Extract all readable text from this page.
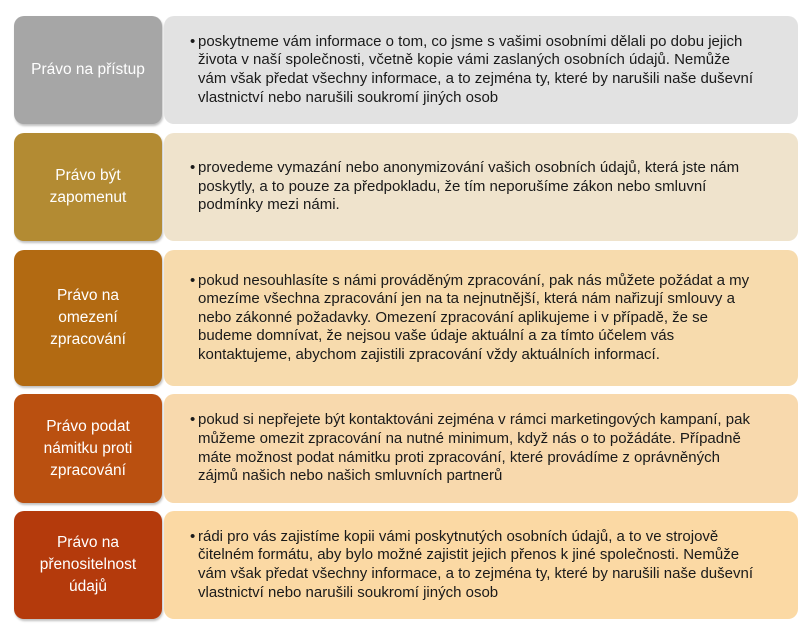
Právo na přístup
• poskytneme vám informace o tom, co jsme s vašimi osobními dělali po dobu jejich života v naší společnosti, včetně kopie vámi zaslaných osobních údajů. Nemůže vám však předat všechny informace, a to zejména ty, které by narušili naše duševní vlastnictví nebo narušili soukromí jiných osob
Právo být zapomenut
• provedeme vymazání nebo anonymizování vašich osobních údajů, která jste nám poskytly, a to pouze za předpokladu, že tím neporušíme zákon nebo smluvní podmínky mezi námi.
Právo na omezení zpracování
• pokud nesouhlasíte s námi prováděným zpracování, pak nás můžete požádat a my omezíme všechna zpracování jen na ta nejnutnější, která nám nařizují smlouvy a nebo zákonné požadavky. Omezení zpracování aplikujeme i v případě, že se budeme domnívat, že nejsou vaše údaje aktuální a za tímto účelem vás kontaktujeme, abychom zajistili zpracování vždy aktuálních informací.
Právo podat námitku proti zpracování
• pokud si nepřejete být kontaktováni zejména v rámci marketingových kampaní, pak můžeme omezit zpracování na nutné minimum, když nás o to požádáte. Případně máte možnost podat námitku proti zpracování, které provádíme z oprávněných zájmů našich nebo našich smluvních partnerů
Právo na přenositelnost údajů
• rádi pro vás zajistíme kopii vámi poskytnutých osobních údajů, a to ve strojově čitelném formátu, aby bylo možné zajistit jejich přenos k jiné společnosti. Nemůže vám však předat všechny informace, a to zejména ty, které by narušili naše duševní vlastnictví nebo narušili soukromí jiných osob
